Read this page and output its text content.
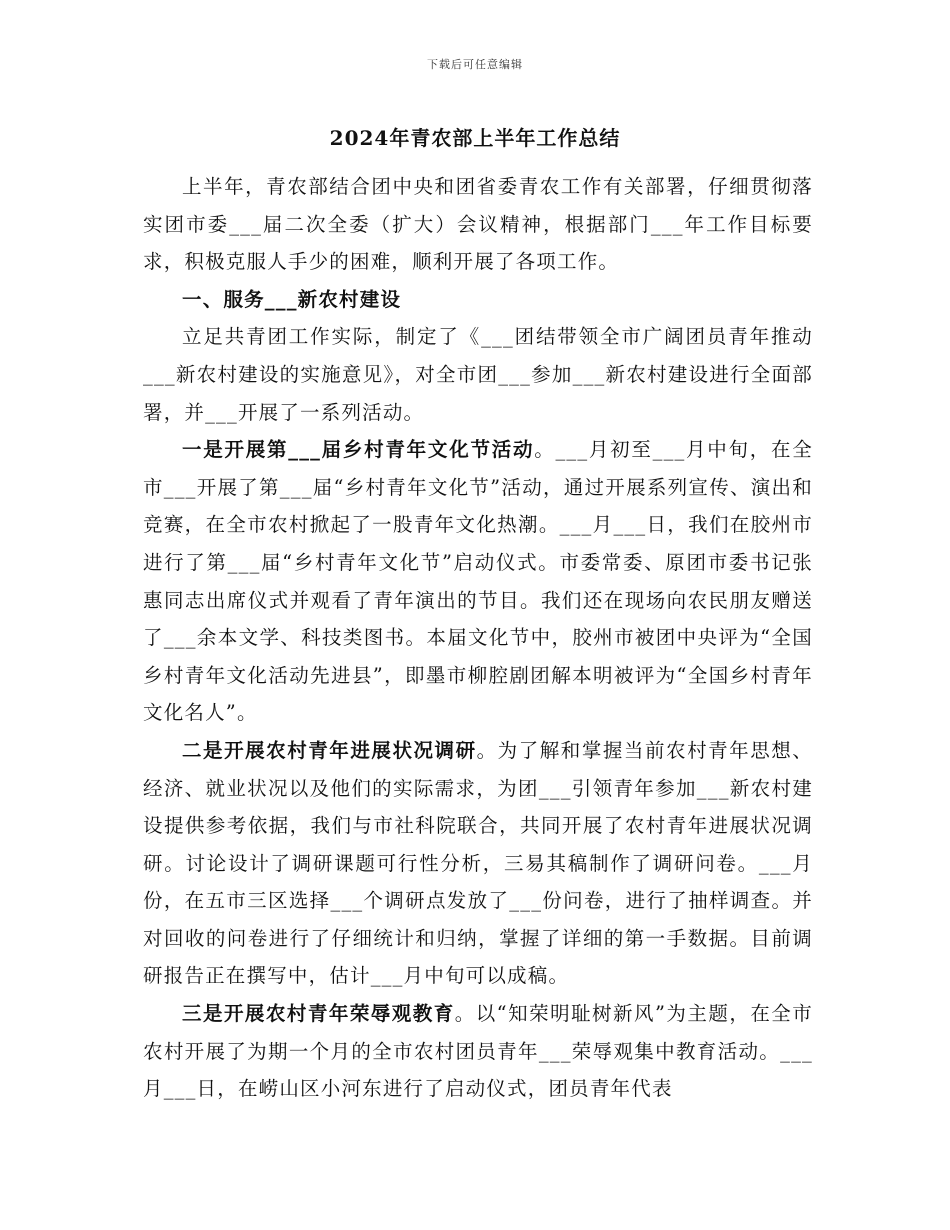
下载后可任意编辑
2024年青农部上半年工作总结

上半年，青农部结合团中央和团省委青农工作有关部署，仔细贯彻落实团市委___届二次全委（扩大）会议精神，根据部门___年工作目标要求，积极克服人手少的困难，顺利开展了各项工作。

一、服务___新农村建设

立足共青团工作实际，制定了《___团结带领全市广阔团员青年推动___新农村建设的实施意见》，对全市团___参加___新农村建设进行全面部署，并___开展了一系列活动。

一是开展第___届乡村青年文化节活动。___月初至___月中旬，在全市___开展了第___届“乡村青年文化节”活动，通过开展系列宣传、演出和竞赛，在全市农村掀起了一股青年文化热潮。___月___日，我们在胶州市进行了第___届“乡村青年文化节”启动仪式。市委常委、原团市委书记张惠同志出席仪式并观看了青年演出的节目。我们还在现场向农民朋友赠送了___余本文学、科技类图书。本届文化节中，胶州市被团中央评为“全国乡村青年文化活动先进县”，即墨市柳腔剧团解本明被评为“全国乡村青年文化名人”。

二是开展农村青年进展状况调研。为了解和掌握当前农村青年思想、经济、就业状况以及他们的实际需求，为团___引领青年参加___新农村建设提供参考依据，我们与市社科院联合，共同开展了农村青年进展状况调研。讨论设计了调研课题可行性分析，三易其稿制作了调研问卷。___月份，在五市三区选择___个调研点发放了___份问卷，进行了抽样调查。并对回收的问卷进行了仔细统计和归纳，掌握了详细的第一手数据。目前调研报告正在撰写中，估计___月中旬可以成稿。

三是开展农村青年荣辱观教育。以“知荣明耻树新风”为主题，在全市农村开展了为期一个月的全市农村团员青年___荣辱观集中教育活动。___月___日，在崂山区小河东进行了启动仪式，团员青年代表
